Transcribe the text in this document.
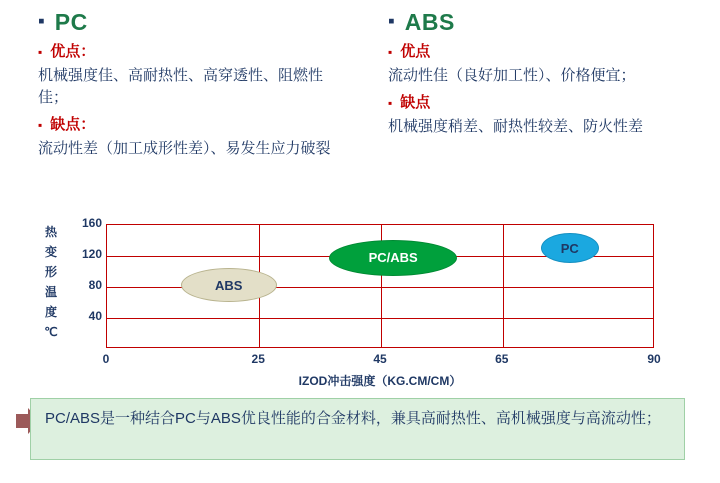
▪ PC
▪ 优点：
机械强度佳、高耐热性、高穿透性、阻燃性佳；
▪ 缺点：
流动性差（加工成形性差）、易发生应力破裂
▪ ABS
▪ 优点
流动性佳（良好加工性）、价格便宜；
▪ 缺点
机械强度稍差、耐热性较差、防火性差
热
变
形
温
度
℃
ABS
PC/ABS
PC
IZOD冲击强度（KG.CM/CM）
0	25	45	65	90
40
80
120
160
PC/ABS是一种结合PC与ABS优良性能的合金材料，兼具高耐热性、高机械强度与高流动性；
